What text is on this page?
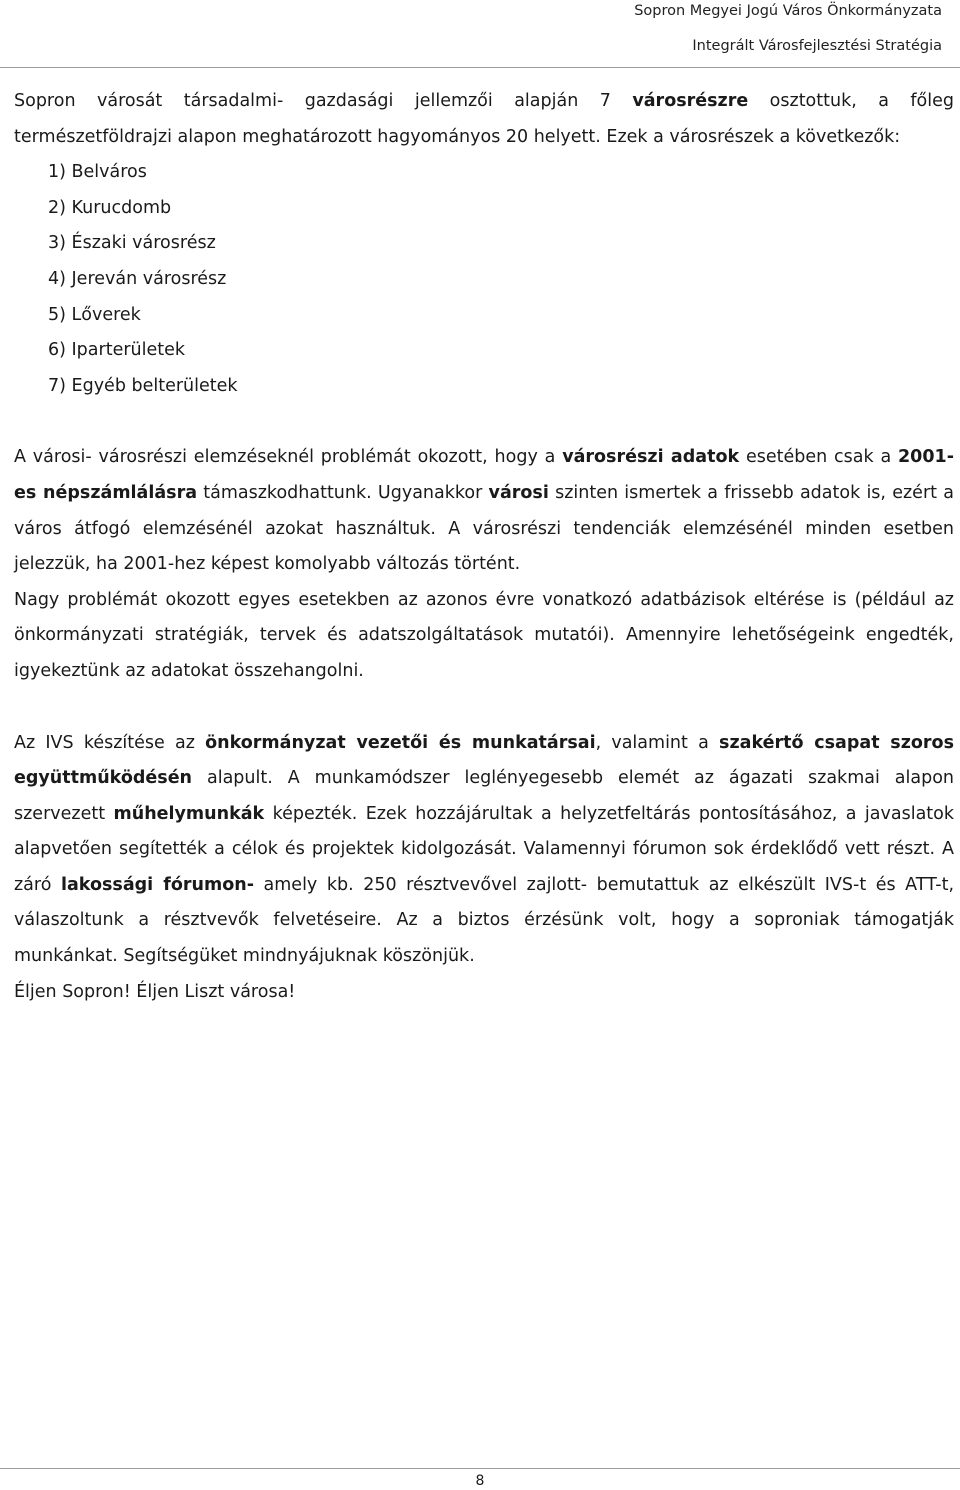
Sopron Megyei Jogú Város Önkormányzata
Integrált Városfejlesztési Stratégia

Sopron városát társadalmi- gazdasági jellemzői alapján 7 városrészre osztottuk, a főleg természetföldrajzi alapon meghatározott hagyományos 20 helyett. Ezek a városrészek a következők:

1) Belváros
2) Kurucdomb
3) Északi városrész
4) Jereván városrész
5) Lőverek
6) Iparterületek
7) Egyéb belterületek

A városi- városrészi elemzéseknél problémát okozott, hogy a városrészi adatok esetében csak a 2001-es népszámlálásra támaszkodhattunk. Ugyanakkor városi szinten ismertek a frissebb adatok is, ezért a város átfogó elemzésénél azokat használtuk. A városrészi tendenciák elemzésénél minden esetben jelezzük, ha 2001-hez képest komolyabb változás történt.

Nagy problémát okozott egyes esetekben az azonos évre vonatkozó adatbázisok eltérése is (például az önkormányzati stratégiák, tervek és adatszolgáltatások mutatói). Amennyire lehetőségeink engedték, igyekeztünk az adatokat összehangolni.

Az IVS készítése az önkormányzat vezetői és munkatársai, valamint a szakértő csapat szoros együttműködésén alapult. A munkamódszer leglényegesebb elemét az ágazati szakmai alapon szervezett műhelymunkák képezték. Ezek hozzájárultak a helyzetfeltárás pontosításához, a javaslatok alapvetően segítették a célok és projektek kidolgozását. Valamennyi fórumon sok érdeklődő vett részt. A záró lakossági fórumon- amely kb. 250 résztvevővel zajlott- bemutattuk az elkészült IVS-t és ATT-t, válaszoltunk a résztvevők felvetéseire. Az a biztos érzésünk volt, hogy a soproniak támogatják munkánkat. Segítségüket mindnyájuknak köszönjük.

Éljen Sopron! Éljen Liszt városa!

8
